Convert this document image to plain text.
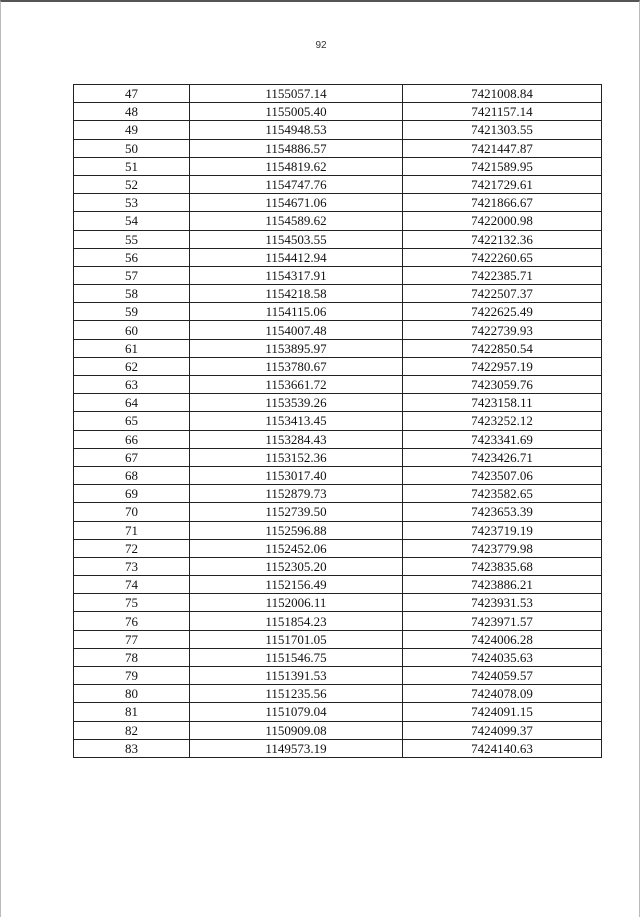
92
47	1155057.14	7421008.84
48	1155005.40	7421157.14
49	1154948.53	7421303.55
50	1154886.57	7421447.87
51	1154819.62	7421589.95
52	1154747.76	7421729.61
53	1154671.06	7421866.67
54	1154589.62	7422000.98
55	1154503.55	7422132.36
56	1154412.94	7422260.65
57	1154317.91	7422385.71
58	1154218.58	7422507.37
59	1154115.06	7422625.49
60	1154007.48	7422739.93
61	1153895.97	7422850.54
62	1153780.67	7422957.19
63	1153661.72	7423059.76
64	1153539.26	7423158.11
65	1153413.45	7423252.12
66	1153284.43	7423341.69
67	1153152.36	7423426.71
68	1153017.40	7423507.06
69	1152879.73	7423582.65
70	1152739.50	7423653.39
71	1152596.88	7423719.19
72	1152452.06	7423779.98
73	1152305.20	7423835.68
74	1152156.49	7423886.21
75	1152006.11	7423931.53
76	1151854.23	7423971.57
77	1151701.05	7424006.28
78	1151546.75	7424035.63
79	1151391.53	7424059.57
80	1151235.56	7424078.09
81	1151079.04	7424091.15
82	1150909.08	7424099.37
83	1149573.19	7424140.63
